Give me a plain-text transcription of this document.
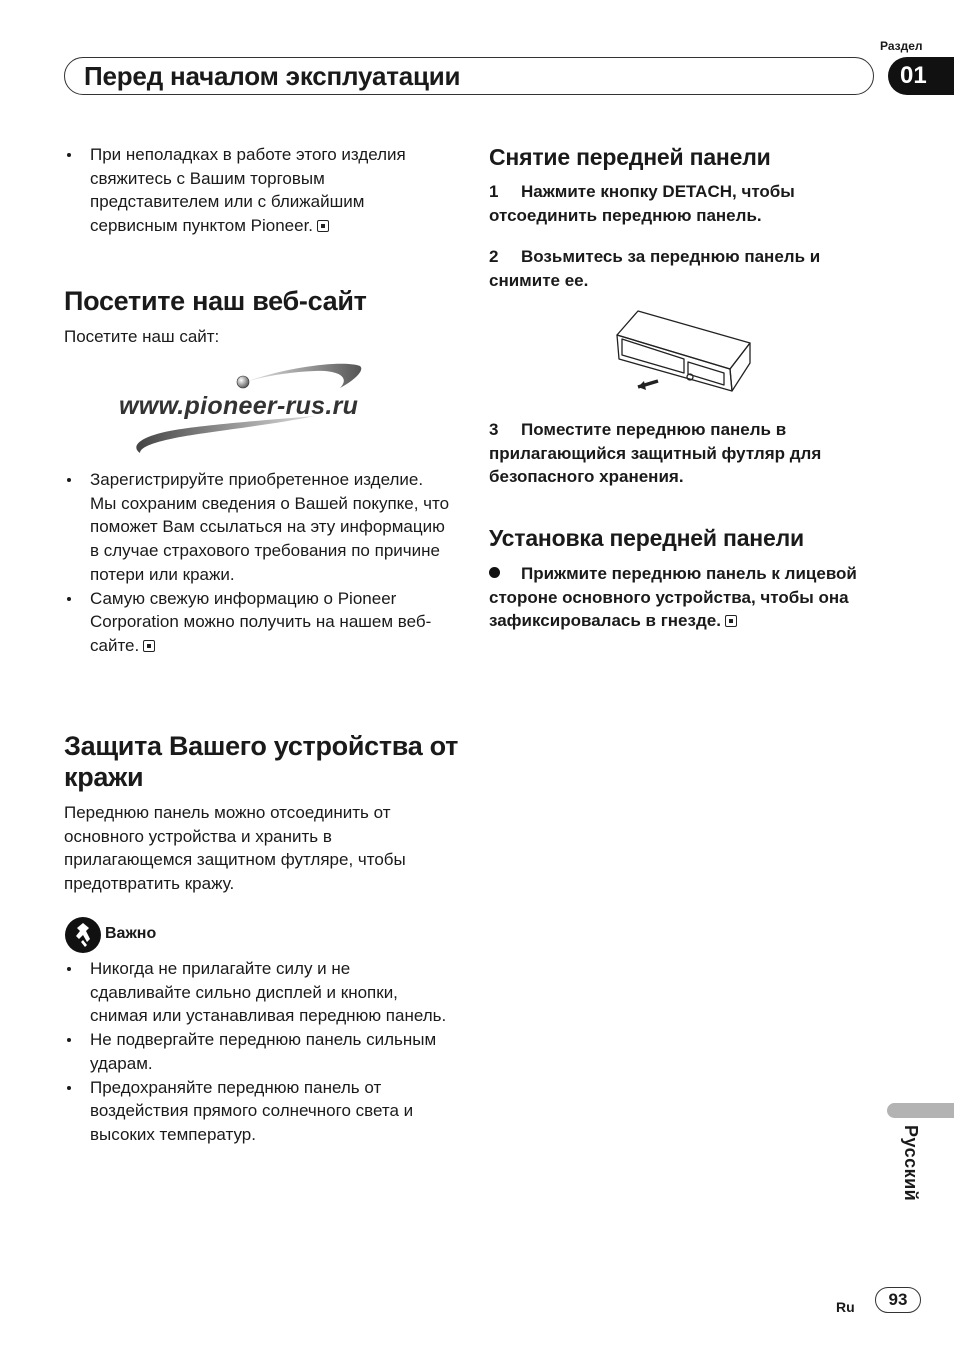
Перед началом эксплуатации
Раздел
01
При неполадках в работе этого изделия свяжитесь с Вашим торговым представителем или с ближайшим сервисным пунктом Pioneer.
Посетите наш веб-сайт
Посетите наш сайт:
www.pioneer-rus.ru
Зарегистрируйте приобретенное изделие. Мы сохраним сведения о Вашей покупке, что поможет Вам ссылаться на эту информацию в случае страхового требования по причине потери или кражи.
Самую свежую информацию о Pioneer Corporation можно получить на нашем веб-сайте.
Защита Вашего устройства от кражи
Переднюю панель можно отсоединить от основного устройства и хранить в прилагающемся защитном футляре, чтобы предотвратить кражу.
Важно
Никогда не прилагайте силу и не сдавливайте сильно дисплей и кнопки, снимая или устанавливая переднюю панель.
Не подвергайте переднюю панель сильным ударам.
Предохраняйте переднюю панель от воздействия прямого солнечного света и высоких температур.
Снятие передней панели
1 Нажмите кнопку DETACH, чтобы отсоединить переднюю панель.
2 Возьмитесь за переднюю панель и снимите ее.
3 Поместите переднюю панель в прилагающийся защитный футляр для безопасного хранения.
Установка передней панели
Прижмите переднюю панель к лицевой стороне основного устройства, чтобы она зафиксировалась в гнезде.
Русский
Ru	93
